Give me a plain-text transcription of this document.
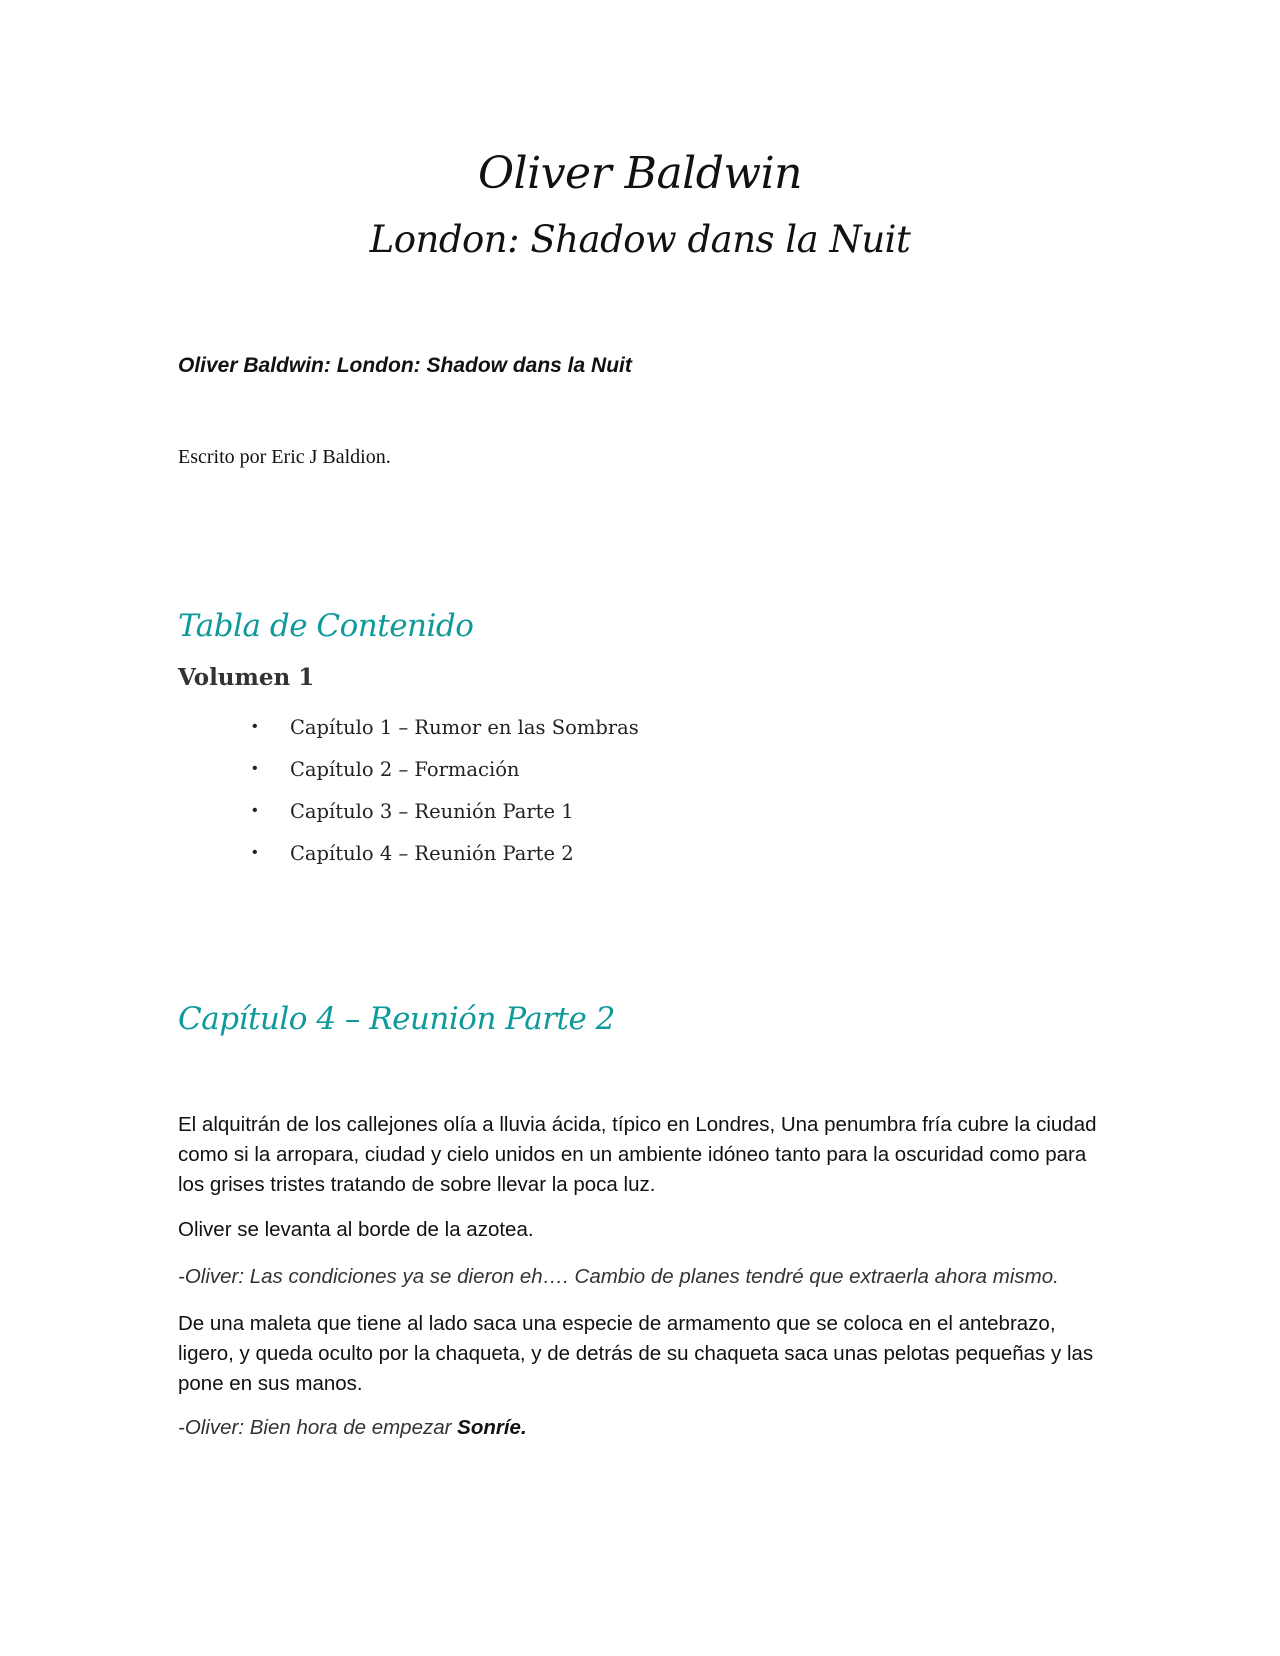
Oliver Baldwin
London: Shadow dans la Nuit

Oliver Baldwin: London: Shadow dans la Nuit

Escrito por Eric J Baldion.

Tabla de Contenido
Volumen 1
•	Capítulo 1 – Rumor en las Sombras
•	Capítulo 2 – Formación
•	Capítulo 3 – Reunión Parte 1
•	Capítulo 4 – Reunión Parte 2
Capítulo 4 – Reunión Parte 2

El alquitrán de los callejones olía a lluvia ácida, típico en Londres, Una penumbra fría cubre la ciudad como si la arropara, ciudad y cielo unidos en un ambiente idóneo tanto para la oscuridad como para los grises tristes tratando de sobre llevar la poca luz.

Oliver se levanta al borde de la azotea.

-Oliver: Las condiciones ya se dieron eh…. Cambio de planes tendré que extraerla ahora mismo.

De una maleta que tiene al lado saca una especie de armamento que se coloca en el antebrazo, ligero, y queda oculto por la chaqueta, y de detrás de su chaqueta saca unas pelotas pequeñas y las pone en sus manos.

-Oliver: Bien hora de empezar Sonríe.
